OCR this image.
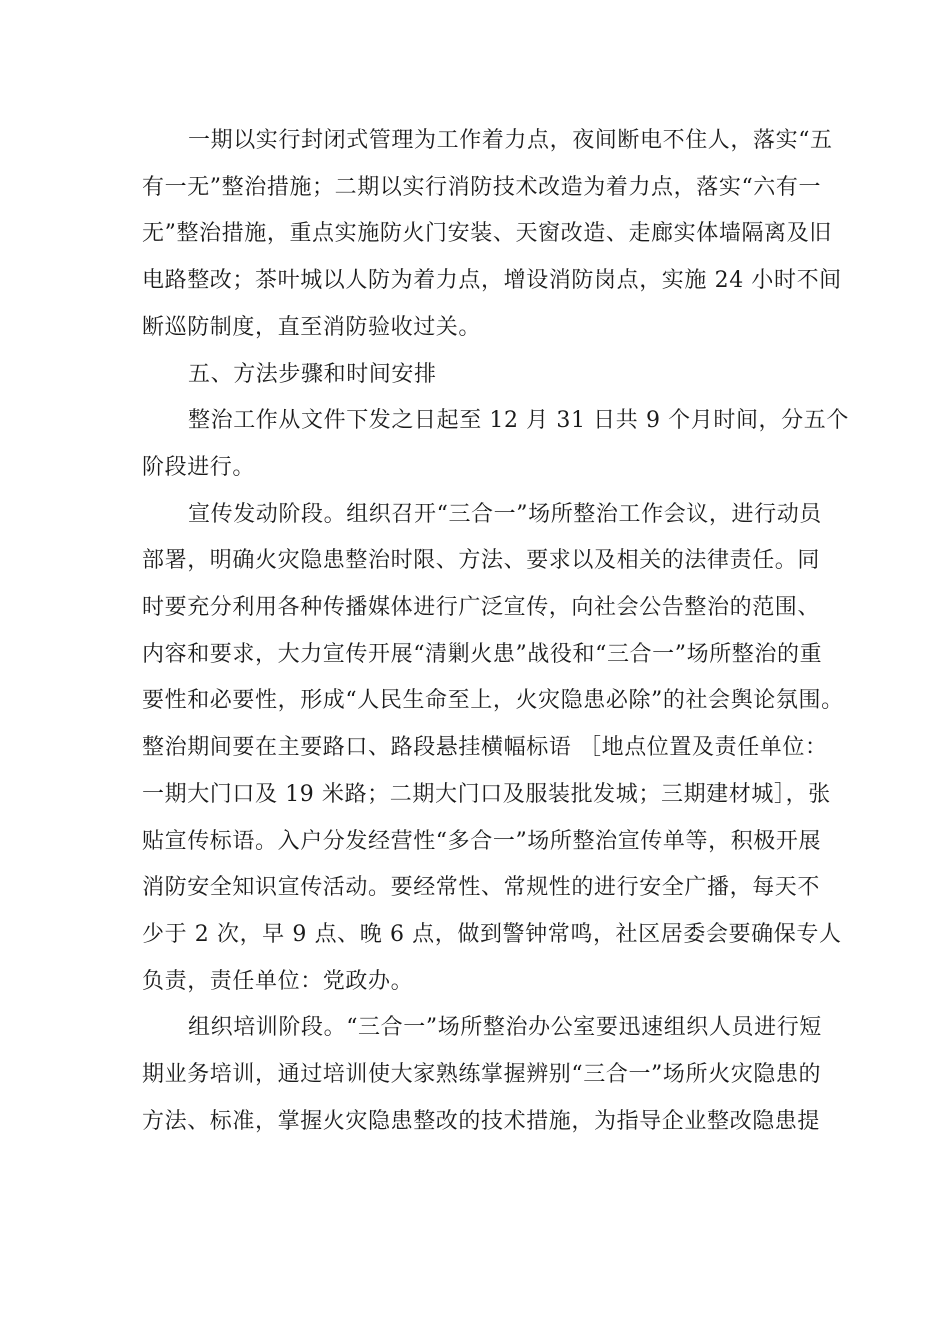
一期以实行封闭式管理为工作着力点，夜间断电不住人，落实“五
有一无”整治措施；二期以实行消防技术改造为着力点，落实“六有一
无”整治措施，重点实施防火门安装、天窗改造、走廊实体墙隔离及旧
电路整改；茶叶城以人防为着力点，增设消防岗点，实施 24 小时不间
断巡防制度，直至消防验收过关。

五、方法步骤和时间安排

整治工作从文件下发之日起至 12 月 31 日共 9 个月时间，分五个
阶段进行。

宣传发动阶段。组织召开“三合一”场所整治工作会议，进行动员
部署，明确火灾隐患整治时限、方法、要求以及相关的法律责任。同
时要充分利用各种传播媒体进行广泛宣传，向社会公告整治的范围、
内容和要求，大力宣传开展“清剿火患”战役和“三合一”场所整治的重
要性和必要性，形成“人民生命至上，火灾隐患必除”的社会舆论氛围。
整治期间要在主要路口、路段悬挂横幅标语 ［地点位置及责任单位：
一期大门口及 19 米路；二期大门口及服装批发城；三期建材城］，张
贴宣传标语。入户分发经营性“多合一”场所整治宣传单等，积极开展
消防安全知识宣传活动。要经常性、常规性的进行安全广播，每天不
少于 2 次，早 9 点、晚 6 点，做到警钟常鸣，社区居委会要确保专人
负责，责任单位：党政办。

组织培训阶段。“三合一”场所整治办公室要迅速组织人员进行短
期业务培训，通过培训使大家熟练掌握辨别“三合一”场所火灾隐患的
方法、标准，掌握火灾隐患整改的技术措施，为指导企业整改隐患提
